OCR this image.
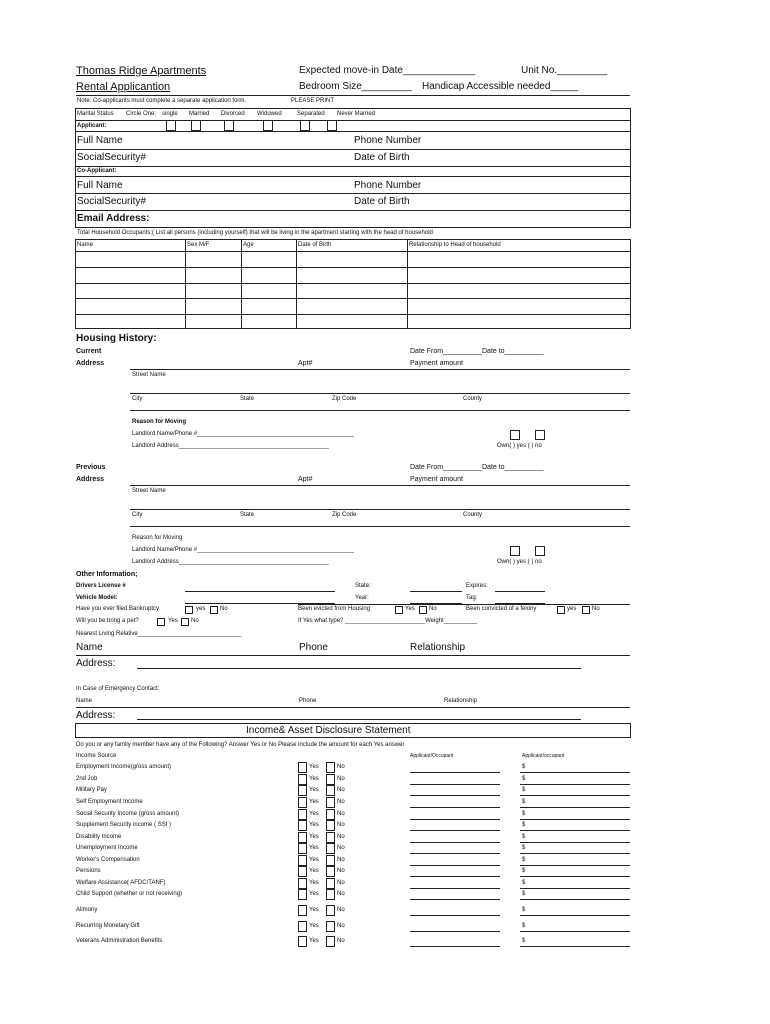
Thomas Ridge Apartments
Rental Applicantion
Expected move-in Date_____________	Unit No._________
Bedroom Size_________ Handicap Accessible needed_____
Note: Co-applicants must complete a separate application form.	PLEASE PRINT
Marital Status Circle One: single Married Divorced Widowed	Separated Never Married
Applicant:
Full Name	Phone Number
SocialSecurity#	Date of Birth
Co-Applicant:
Full Name	Phone Number
SocialSecurity#	Date of Birth
Email Address:
Total Household Occupants:( List all persons (including yourself) that will be living in the apartment starting with the head of household
Name	Sex M/F	Age	Date of Birth	Relationship to Head of household
Housing History:
Current
Address
Date From__________Date to__________
Apt#	Payment amount
Street Name
City	State	Zip Code	County
Reason for Moving
Landlord Name/Phone #_______________________________________________
Landlord Address_____________________________________________	Own( ) yes ( ) no
Previous
Address
Date From__________Date to__________
Apt#	Payment amount
Street Name
City	State	Zip Code	County
Reason for Moving
Landlord Name/Phone #_______________________________________________
Landlord Address_____________________________________________	Own( ) yes ( ) no
Other Information;
Drivers License #	State:	Expires:
Vehicle Model:	Year:	Tag:
Have you ever filed Bankruptcy	yes No	Been evicted from Housing	Yes No	Been convicted of a felony	yes	No
Will you be bring a pet?	Yes No	If Yes what type? ________________________Weight__________
Nearest Living Relative_______________________________
Name	Phone	Relationship
Address:
In Case of Emergency Contact:
Name	Phone	Relationship
Address:
Income& Asset Disclosure Statement
Do you or any family member have any of the Following? Answer Yes or No Please include the amount for each Yes answer
Income Source	Applicant/Occupant	Applicant/occupant
Employment Income(gross amount)	Yes	No	$
2nd Job	Yes	No	$
Military Pay	Yes	No	$
Self Employment Income	Yes	No	$
Social Security Income (gross amount)	Yes	No	$
Supplement Security income ( SSI )	Yes	No	$
Disability Income	Yes	No	$
Unemployment Income	Yes	No	$
Worker's Compensation	Yes	No	$
Pensions	Yes	No	$
Welfare Assistance( AFDC/TANF)	Yes	No	$
Child Support (whether or not receiving)	Yes	No	$
Alimony	Yes	No	$
Recurring Monetary Gift	Yes	No	$
Veterans Administration Benefits	Yes	No	$
